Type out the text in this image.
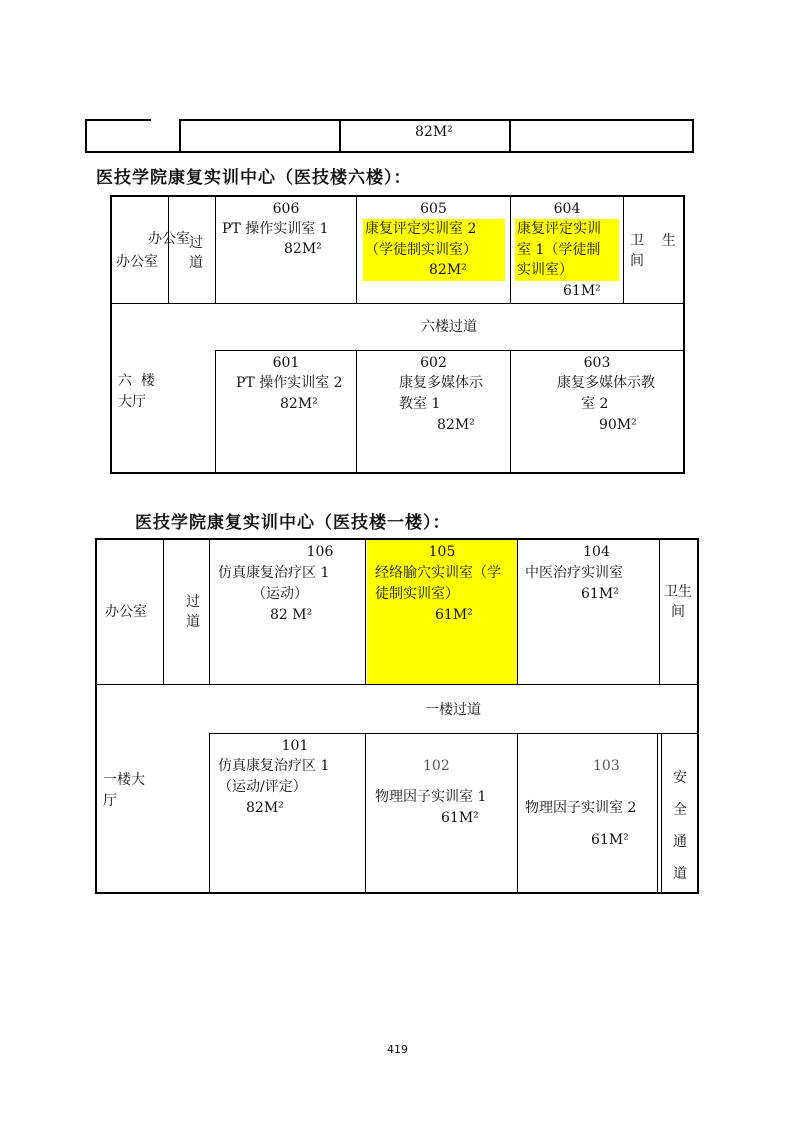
82M²
医技学院康复实训中心（医技楼六楼）：
办公室
办公室
过道
606
PT 操作实训室 1
82M²
605
康复评定实训室 2
（学徒制实训室）
82M²
604
康复评定实训
室 1（学徒制
实训室）
61M²
卫    生
间
六楼过道
六  楼
大厅
601
PT 操作实训室 2
82M²
602
康复多媒体示
教室 1
82M²
603
康复多媒体示教
室 2
90M²
医技学院康复实训中心（医技楼一楼）：
办公室
过道
106
仿真康复治疗区 1
（运动）
82 M²
105
经络腧穴实训室（学
徒制实训室）
61M²
104
中医治疗实训室
61M²	卫生间
一楼过道
一楼大
厅
101
仿真康复治疗区 1
（运动/评定）
82M²
102
物理因子实训室 1
61M²
103
物理因子实训室 2
61M²
安全通道
419
